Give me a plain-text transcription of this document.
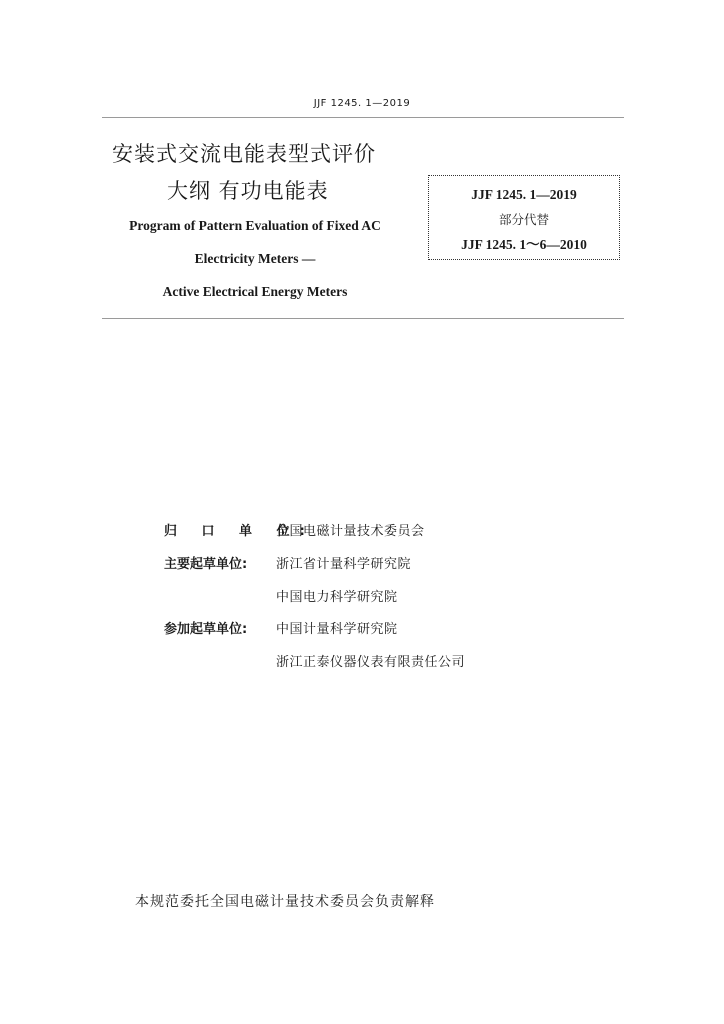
JJF 1245. 1—2019
安装式交流电能表型式评价
大纲 有功电能表
Program of Pattern Evaluation of Fixed AC
Electricity Meters —
Active Electrical Energy Meters
JJF 1245. 1—2019
部分代替
JJF 1245. 1～6—2010
归 口 单 位:
全国电磁计量技术委员会
主要起草单位: 浙江省计量科学研究院
中国电力科学研究院
参加起草单位: 中国计量科学研究院
浙江正泰仪器仪表有限责任公司
本规范委托全国电磁计量技术委员会负责解释
